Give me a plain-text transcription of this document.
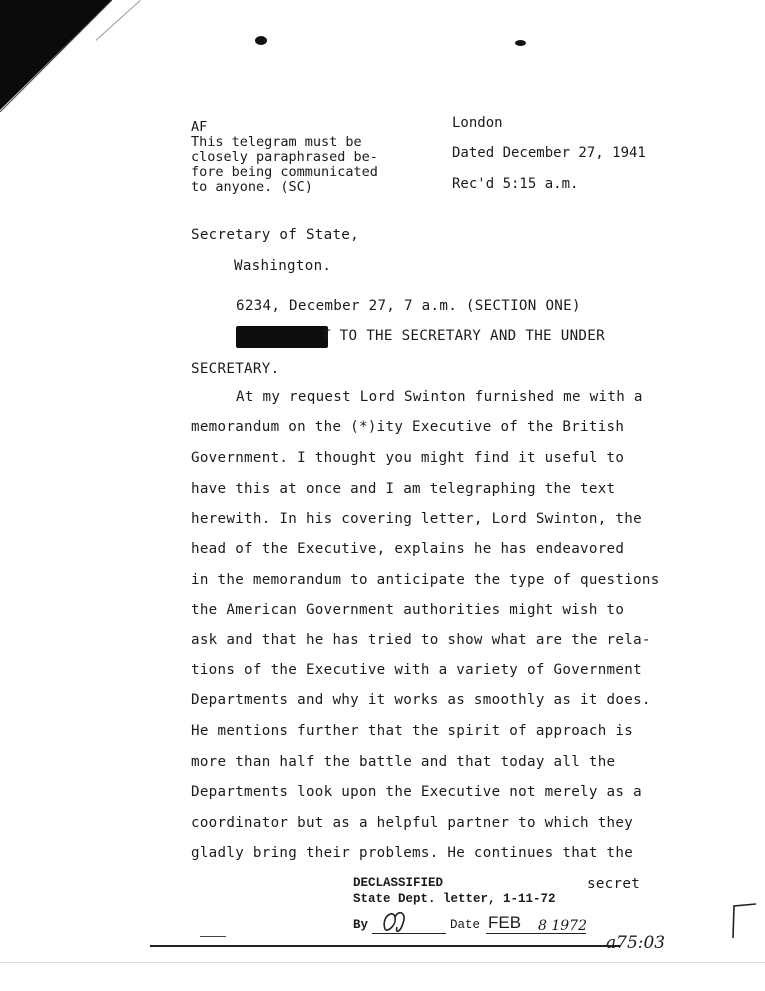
AF
This telegram must be
closely paraphrased be-
fore being communicated
to anyone. (SC)
London
Dated December 27, 1941
Rec'd 5:15 a.m.
Secretary of State,
Washington.
6234, December 27, 7 a.m. (SECTION ONE)
T TO THE SECRETARY AND THE UNDER
SECRETARY.
At my request Lord Swinton furnished me with a
memorandum on the (*)ity Executive of the British
Government. I thought you might find it useful to
have this at once and I am telegraphing the text
herewith. In his covering letter, Lord Swinton, the
head of the Executive, explains he has endeavored
in the memorandum to anticipate the type of questions
the American Government authorities might wish to
ask and that he has tried to show what are the rela-
tions of the Executive with a variety of Government
Departments and why it works as smoothly as it does.
He mentions further that the spirit of approach is
more than half the battle and that today all the
Departments look upon the Executive not merely as a
coordinator but as a helpful partner to which they
gladly bring their problems. He continues that the
DECLASSIFIED
State Dept. letter, 1-11-72
By	Date FEB 8 1972
secret
a75:03
